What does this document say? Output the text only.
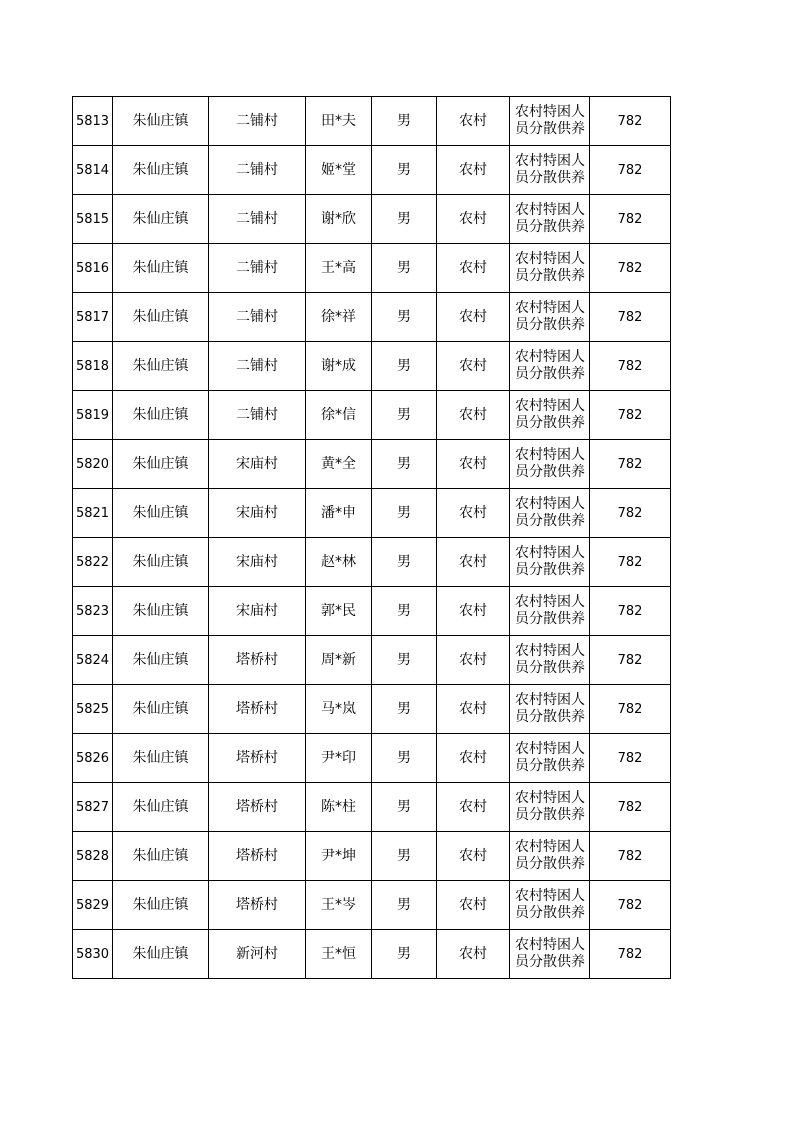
5813	朱仙庄镇	二铺村	田*夫	男	农村	农村特困人员分散供养	782
5814	朱仙庄镇	二铺村	姬*堂	男	农村	农村特困人员分散供养	782
5815	朱仙庄镇	二铺村	谢*欣	男	农村	农村特困人员分散供养	782
5816	朱仙庄镇	二铺村	王*高	男	农村	农村特困人员分散供养	782
5817	朱仙庄镇	二铺村	徐*祥	男	农村	农村特困人员分散供养	782
5818	朱仙庄镇	二铺村	谢*成	男	农村	农村特困人员分散供养	782
5819	朱仙庄镇	二铺村	徐*信	男	农村	农村特困人员分散供养	782
5820	朱仙庄镇	宋庙村	黄*全	男	农村	农村特困人员分散供养	782
5821	朱仙庄镇	宋庙村	潘*申	男	农村	农村特困人员分散供养	782
5822	朱仙庄镇	宋庙村	赵*林	男	农村	农村特困人员分散供养	782
5823	朱仙庄镇	宋庙村	郭*民	男	农村	农村特困人员分散供养	782
5824	朱仙庄镇	塔桥村	周*新	男	农村	农村特困人员分散供养	782
5825	朱仙庄镇	塔桥村	马*岚	男	农村	农村特困人员分散供养	782
5826	朱仙庄镇	塔桥村	尹*印	男	农村	农村特困人员分散供养	782
5827	朱仙庄镇	塔桥村	陈*柱	男	农村	农村特困人员分散供养	782
5828	朱仙庄镇	塔桥村	尹*坤	男	农村	农村特困人员分散供养	782
5829	朱仙庄镇	塔桥村	王*岑	男	农村	农村特困人员分散供养	782
5830	朱仙庄镇	新河村	王*恒	男	农村	农村特困人员分散供养	782
